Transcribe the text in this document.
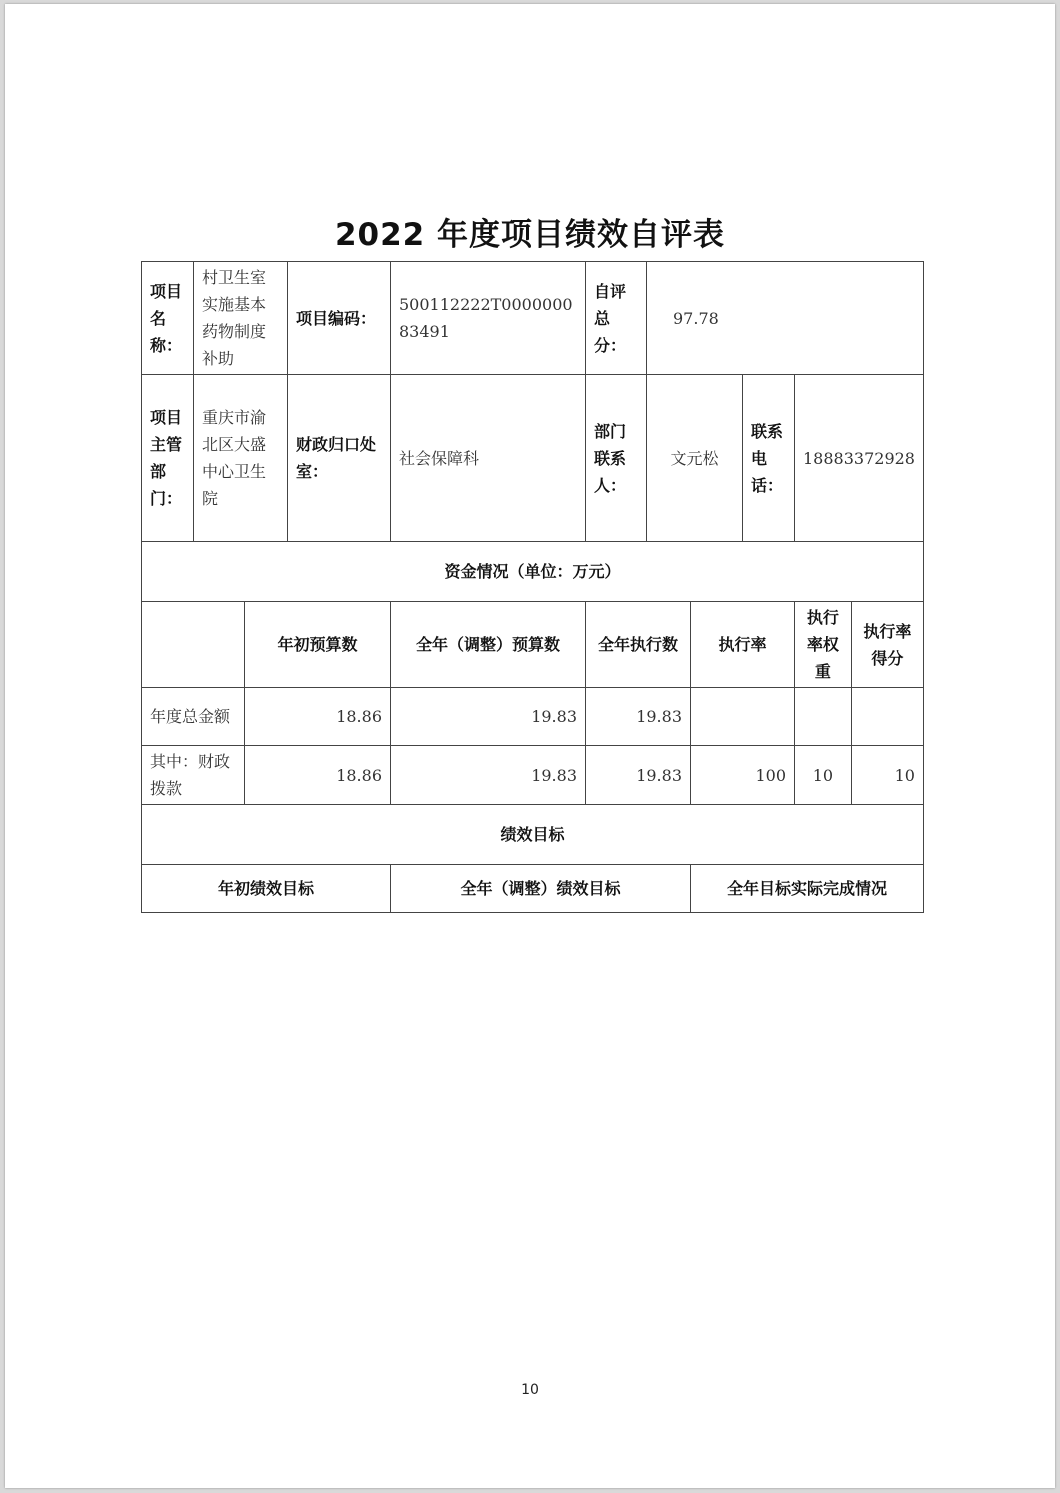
2022 年度项目绩效自评表
项目名称：	村卫生室实施基本药物制度补助		项目编码：	500112222T000000083491	自评总分：	97.78				
项目主管部门：	重庆市渝北区大盛中心卫生院		财政归口处室：	社会保障科	部门联系人：	文元松		联系电话：	18883372928	
资金情况（单位：万元）										
		年初预算数		全年（调整）预算数	全年执行数		执行率		执行率权重	执行率得分
年度总金额		18.86		19.83	19.83					
其中：财政拨款		18.86		19.83	19.83		100		10	10
绩效目标										
年初绩效目标				全年（调整）绩效目标			全年目标实际完成情况			
10
